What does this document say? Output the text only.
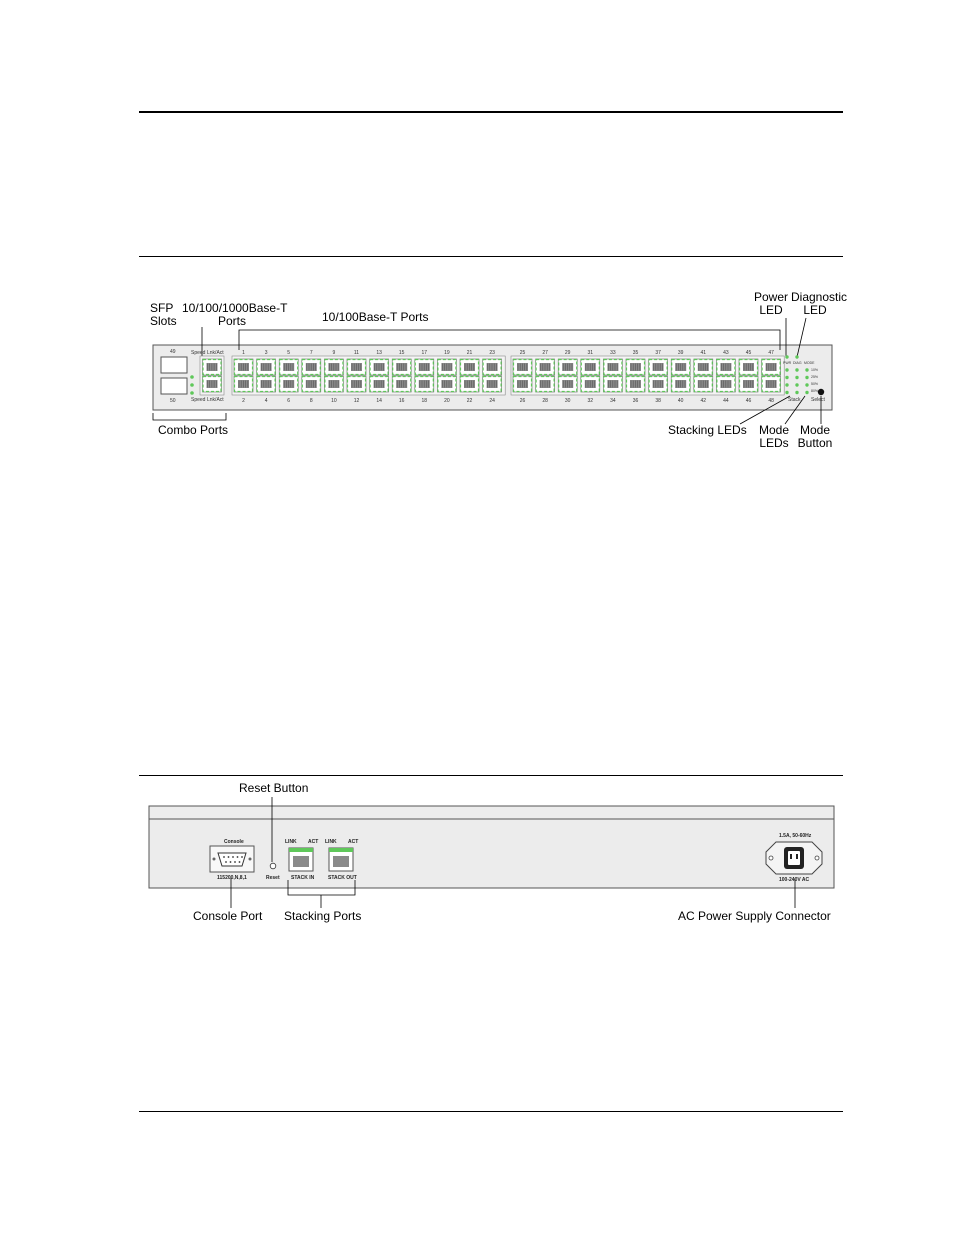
SFP
Slots
10/100/1000Base-T
Ports	10/100Base-T Ports
Power
LED
Diagnostic
LED
Combo Ports	Stacking LEDs Mode
LEDs
Mode
Button
49
50
Speed Lnk/Act
Speed Lnk/Act	Stack Select
PWR DIAG MODE
10%
25%
50%
80%
1	3	5	7	9	11	13	15	17	19	21	23	25	27	29	31	33	35	37	39	41	43	45	47
2	4	6	8	10	12	14	16	18	20	22	24	26	28	30	32	34	36	38	40	42	44	46	48
Reset Button
Console Port Stacking Ports	AC Power Supply Connector
Console
115200,N,8,1	Reset
LINK ACT LINK ACT
STACK IN	STACK OUT
1.5A, 50-60Hz
100-240V AC
